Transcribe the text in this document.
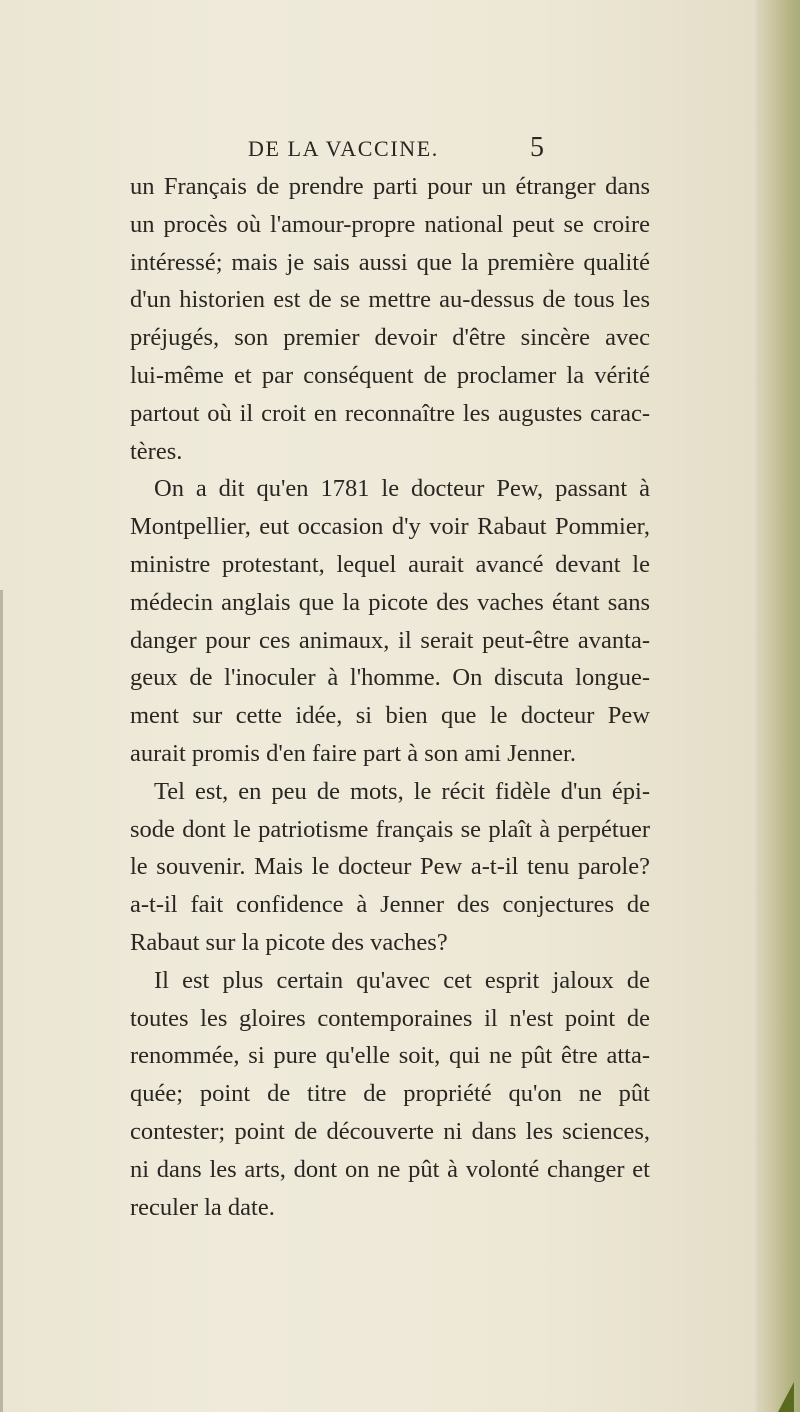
DE LA VACCINE.	5
un Français de prendre parti pour un étranger dans
un procès où l'amour-propre national peut se croire
intéressé; mais je sais aussi que la première qualité
d'un historien est de se mettre au-dessus de tous les
préjugés, son premier devoir d'être sincère avec
lui-même et par conséquent de proclamer la vérité
partout où il croit en reconnaître les augustes carac-
tères.
On a dit qu'en 1781 le docteur Pew, passant à
Montpellier, eut occasion d'y voir Rabaut Pommier,
ministre protestant, lequel aurait avancé devant le
médecin anglais que la picote des vaches étant sans
danger pour ces animaux, il serait peut-être avanta-
geux de l'inoculer à l'homme. On discuta longue-
ment sur cette idée, si bien que le docteur Pew
aurait promis d'en faire part à son ami Jenner.
Tel est, en peu de mots, le récit fidèle d'un épi-
sode dont le patriotisme français se plaît à perpétuer
le souvenir. Mais le docteur Pew a-t-il tenu parole?
a-t-il fait confidence à Jenner des conjectures de
Rabaut sur la picote des vaches?
Il est plus certain qu'avec cet esprit jaloux de
toutes les gloires contemporaines il n'est point de
renommée, si pure qu'elle soit, qui ne pût être atta-
quée; point de titre de propriété qu'on ne pût
contester; point de découverte ni dans les sciences,
ni dans les arts, dont on ne pût à volonté changer et
reculer la date.
